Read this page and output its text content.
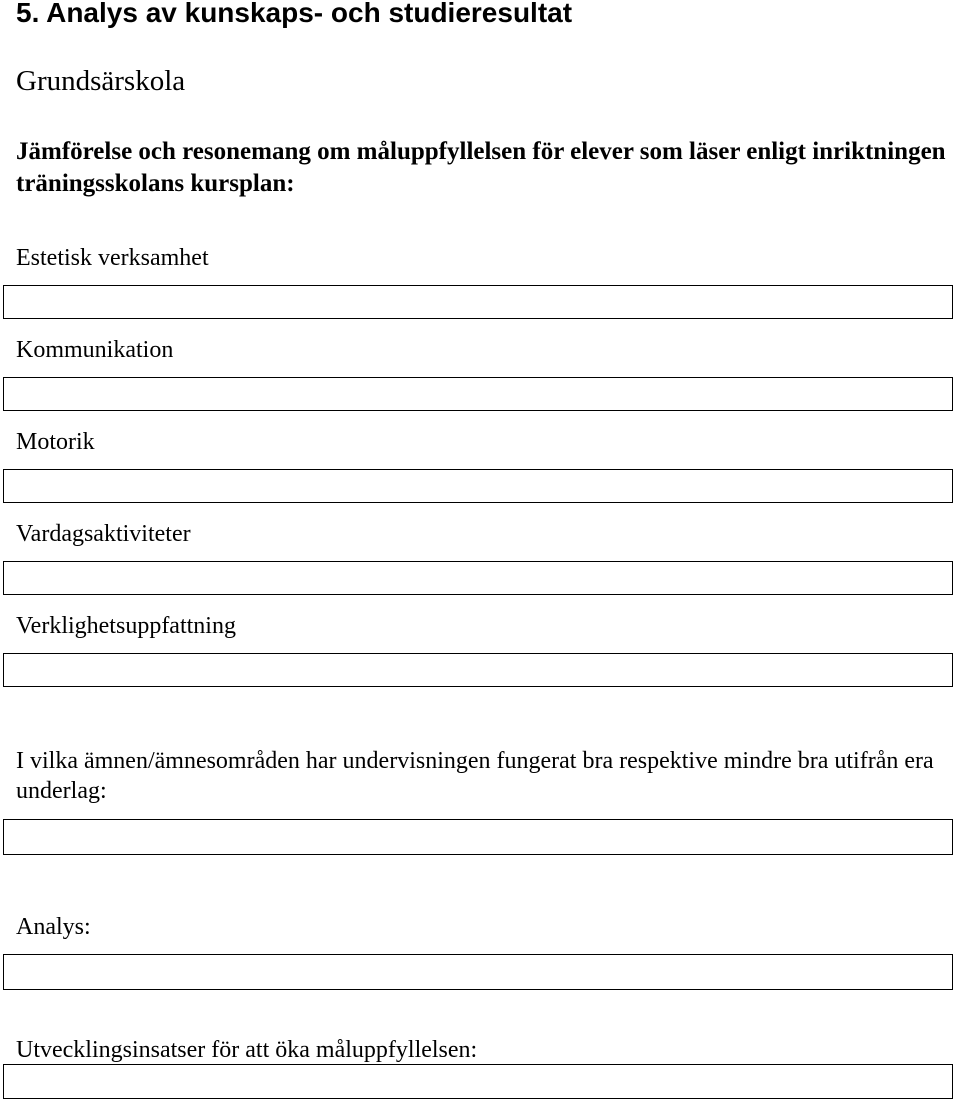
5. Analys av kunskaps- och studieresultat
Grundsärskola
Jämförelse och resonemang om måluppfyllelsen för elever som läser enligt inriktningen träningsskolans kursplan:
Estetisk verksamhet
Kommunikation
Motorik
Vardagsaktiviteter
Verklighetsuppfattning
I vilka ämnen/ämnesområden har undervisningen fungerat bra respektive mindre bra utifrån era underlag:
Analys:
Utvecklingsinsatser för att öka måluppfyllelsen:
